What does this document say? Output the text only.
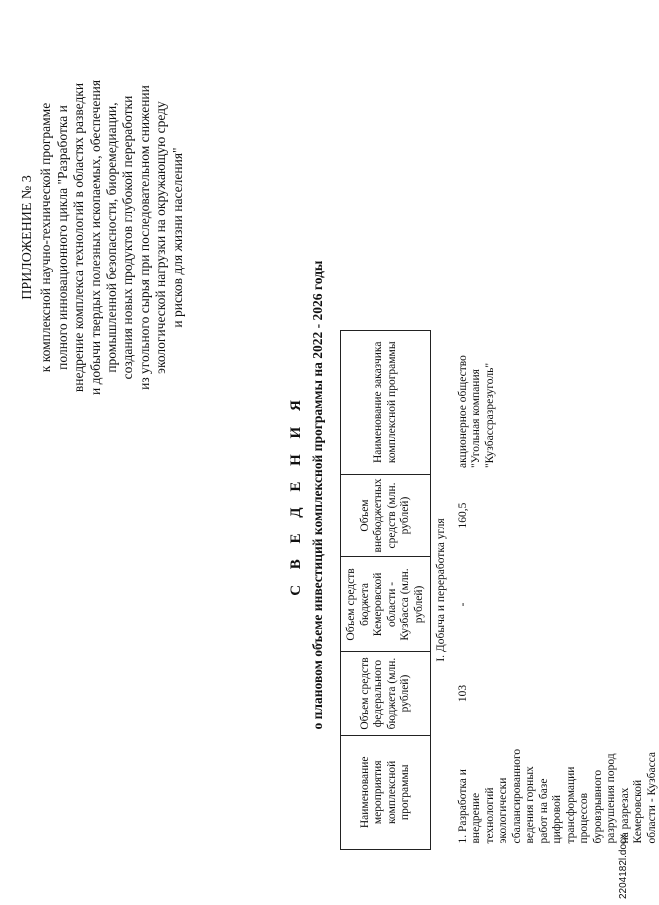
ПРИЛОЖЕНИЕ № 3 к комплексной научно-технической программе полного инновационного цикла "Разработка и внедрение комплекса технологий в областях разведки и добычи твердых полезных ископаемых, обеспечения промышленной безопасности, биоремедиации, создания новых продуктов глубокой переработки из угольного сырья при последовательном снижении экологической нагрузки на окружающую среду и рисков для жизни населения"
С В Е Д Е Н И Я о плановом объеме инвестиций комплексной программы на 2022 - 2026 годы
Наименование мероприятия комплексной программы	Объем средств федерального бюджета (млн. рублей)	Объем средств бюджета Кемеровской области - Кузбасса (млн. рублей)	Объем внебюджетных средств (млн. рублей)	Наименование заказчика комплексной программы
I. Добыча и переработка угля				
1. Разработка и внедрение технологий экологически сбалансированного ведения горных работ на базе цифровой трансформации процессов буровзрывного разрушения пород на разрезах Кемеровской области - Кузбасса	103	-	160,5	акционерное общество "Угольная компания "Кузбассразрезуголь"
2204182l.docx
